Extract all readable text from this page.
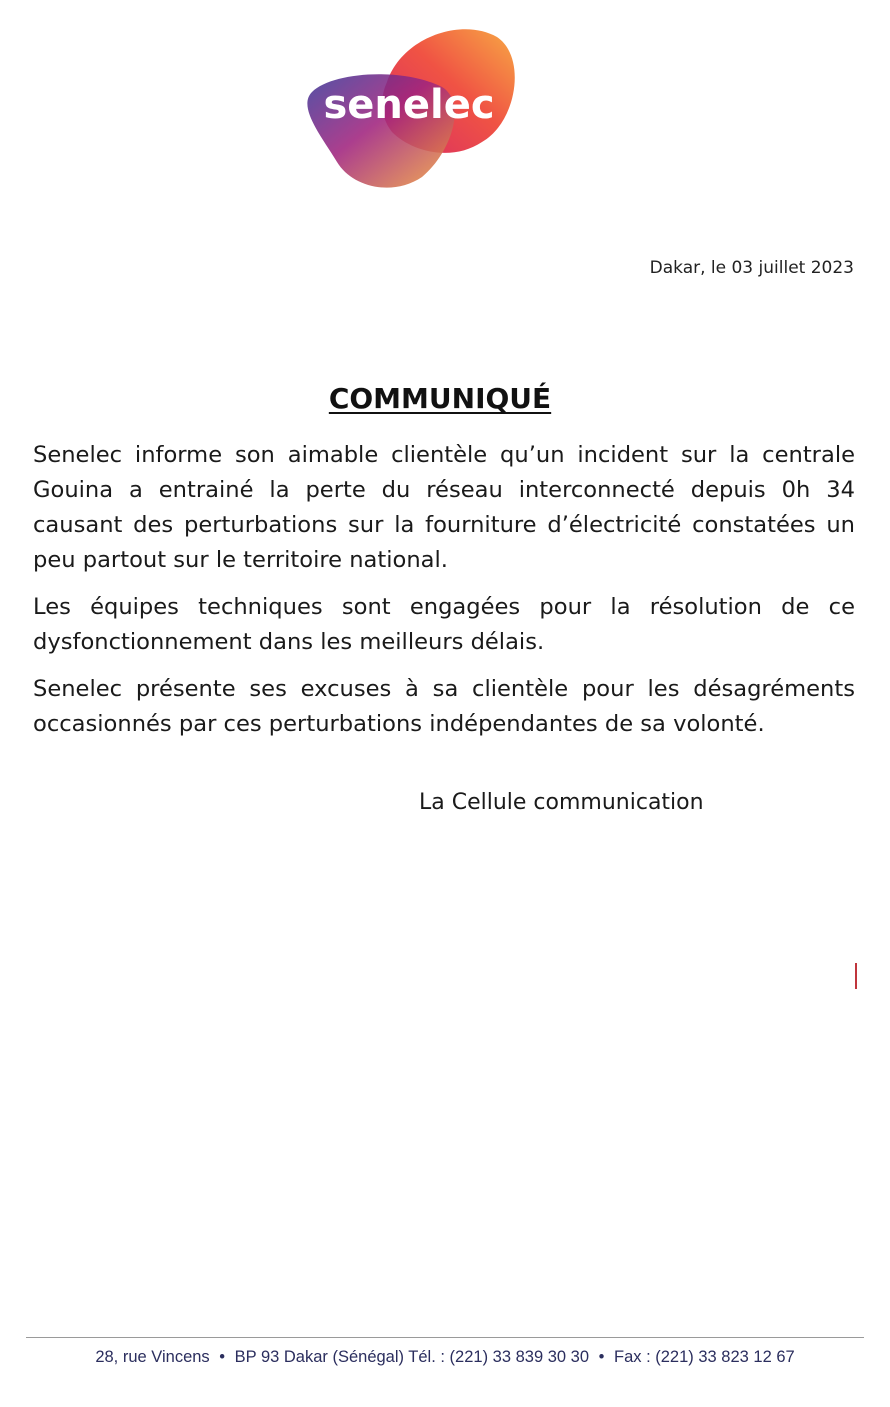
senelec
Dakar, le 03 juillet 2023
COMMUNIQUÉ

Senelec informe son aimable clientèle qu’un incident sur la centrale Gouina a entrainé la perte du réseau interconnecté depuis 0h 34 causant des perturbations sur la fourniture d’électricité constatées un peu partout sur le territoire national.

Les équipes techniques sont engagées pour la résolution de ce dysfonctionnement dans les meilleurs délais.

Senelec présente ses excuses à sa clientèle pour les désagréments occasionnés par ces perturbations indépendantes de sa volonté.

La Cellule communication
28, rue Vincens • BP 93 Dakar (Sénégal) Tél. : (221) 33 839 30 30 • Fax : (221) 33 823 12 67
